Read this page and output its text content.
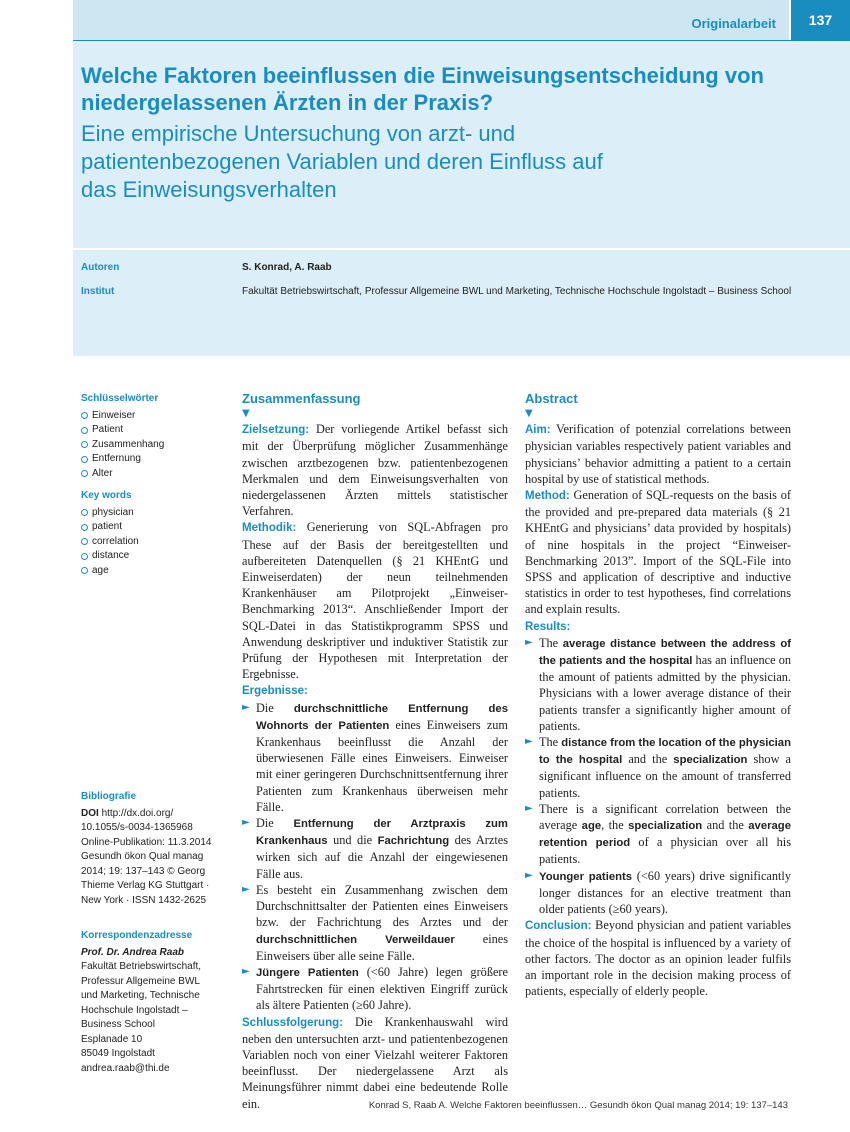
Originalarbeit	137
Welche Faktoren beeinflussen die Einweisungsentscheidung von niedergelassenen Ärzten in der Praxis?
Eine empirische Untersuchung von arzt- und patientenbezogenen Variablen und deren Einfluss auf das Einweisungsverhalten
Autoren	S. Konrad, A. Raab
Institut	Fakultät Betriebswirtschaft, Professur Allgemeine BWL und Marketing, Technische Hochschule Ingolstadt – Business School
Schlüsselwörter
Einweiser
Patient
Zusammenhang
Entfernung
Alter
Key words
physician
patient
correlation
distance
age
Bibliografie

DOI http://dx.doi.org/

10.1055/s-0034-1365968

Online-Publikation: 11.3.2014

Gesundh ökon Qual manag

2014; 19: 137–143 © Georg

Thieme Verlag KG Stuttgart ·

New York · ISSN 1432-2625

Korrespondenzadresse

Prof. Dr. Andrea Raab

Fakultät Betriebswirtschaft,

Professur Allgemeine BWL

und Marketing, Technische

Hochschule Ingolstadt –

Business School

Esplanade 10

85049 Ingolstadt

andrea.raab@thi.de

Zusammenfassung
▼

Zielsetzung: Der vorliegende Artikel befasst sich mit der Überprüfung möglicher Zusammenhänge zwischen arztbezogenen bzw. patientenbezogenen Merkmalen und dem Einweisungsverhalten von niedergelassenen Ärzten mittels statistischer Verfahren.

Methodik: Generierung von SQL-Abfragen pro These auf der Basis der bereitgestellten und aufbereiteten Datenquellen (§ 21 KHEntG und Einweiserdaten) der neun teilnehmenden Krankenhäuser am Pilotprojekt „Einweiser-Benchmarking 2013“. Anschließender Import der SQL-Datei in das Statistikprogramm SPSS und Anwendung deskriptiver und induktiver Statistik zur Prüfung der Hypothesen mit Interpretation der Ergebnisse.

Ergebnisse:

► Die durchschnittliche Entfernung des Wohnorts der Patienten eines Einweisers zum Krankenhaus beeinflusst die Anzahl der überwiesenen Fälle eines Einweisers. Einweiser mit einer geringeren Durchschnittsentfernung ihrer Patienten zum Krankenhaus überweisen mehr Fälle.
► Die Entfernung der Arztpraxis zum Krankenhaus und die Fachrichtung des Arztes wirken sich auf die Anzahl der eingewiesenen Fälle aus.
► Es besteht ein Zusammenhang zwischen dem Durchschnittsalter der Patienten eines Einweisers bzw. der Fachrichtung des Arztes und der durchschnittlichen Verweildauer eines Einweisers über alle seine Fälle.
► Jüngere Patienten (<60 Jahre) legen größere Fahrtstrecken für einen elektiven Eingriff zurück als ältere Patienten (≥60 Jahre).

Schlussfolgerung: Die Krankenhauswahl wird neben den untersuchten arzt- und patientenbezogenen Variablen noch von einer Vielzahl weiterer Faktoren beeinflusst. Der niedergelassene Arzt als Meinungsführer nimmt dabei eine bedeutende Rolle ein.

Abstract
▼

Aim: Verification of potenzial correlations between physician variables respectively patient variables and physicians’ behavior admitting a patient to a certain hospital by use of statistical methods.

Method: Generation of SQL-requests on the basis of the provided and pre-prepared data materials (§ 21 KHEntG and physicians’ data provided by hospitals) of nine hospitals in the project “Einweiser-Benchmarking 2013”. Import of the SQL-File into SPSS and application of descriptive and inductive statistics in order to test hypotheses, find correlations and explain results.

Results:

► The average distance between the address of the patients and the hospital has an influence on the amount of patients admitted by the physician. Physicians with a lower average distance of their patients transfer a significantly higher amount of patients.
► The distance from the location of the physician to the hospital and the specialization show a significant influence on the amount of transferred patients.
► There is a significant correlation between the average age, the specialization and the average retention period of a physician over all his patients.
► Younger patients (<60 years) drive significantly longer distances for an elective treatment than older patients (≥60 years).

Conclusion: Beyond physician and patient variables the choice of the hospital is influenced by a variety of other factors. The doctor as an opinion leader fulfils an important role in the decision making process of patients, especially of elderly people.

Konrad S, Raab A. Welche Faktoren beeinflussen… Gesundh ökon Qual manag 2014; 19: 137–143
